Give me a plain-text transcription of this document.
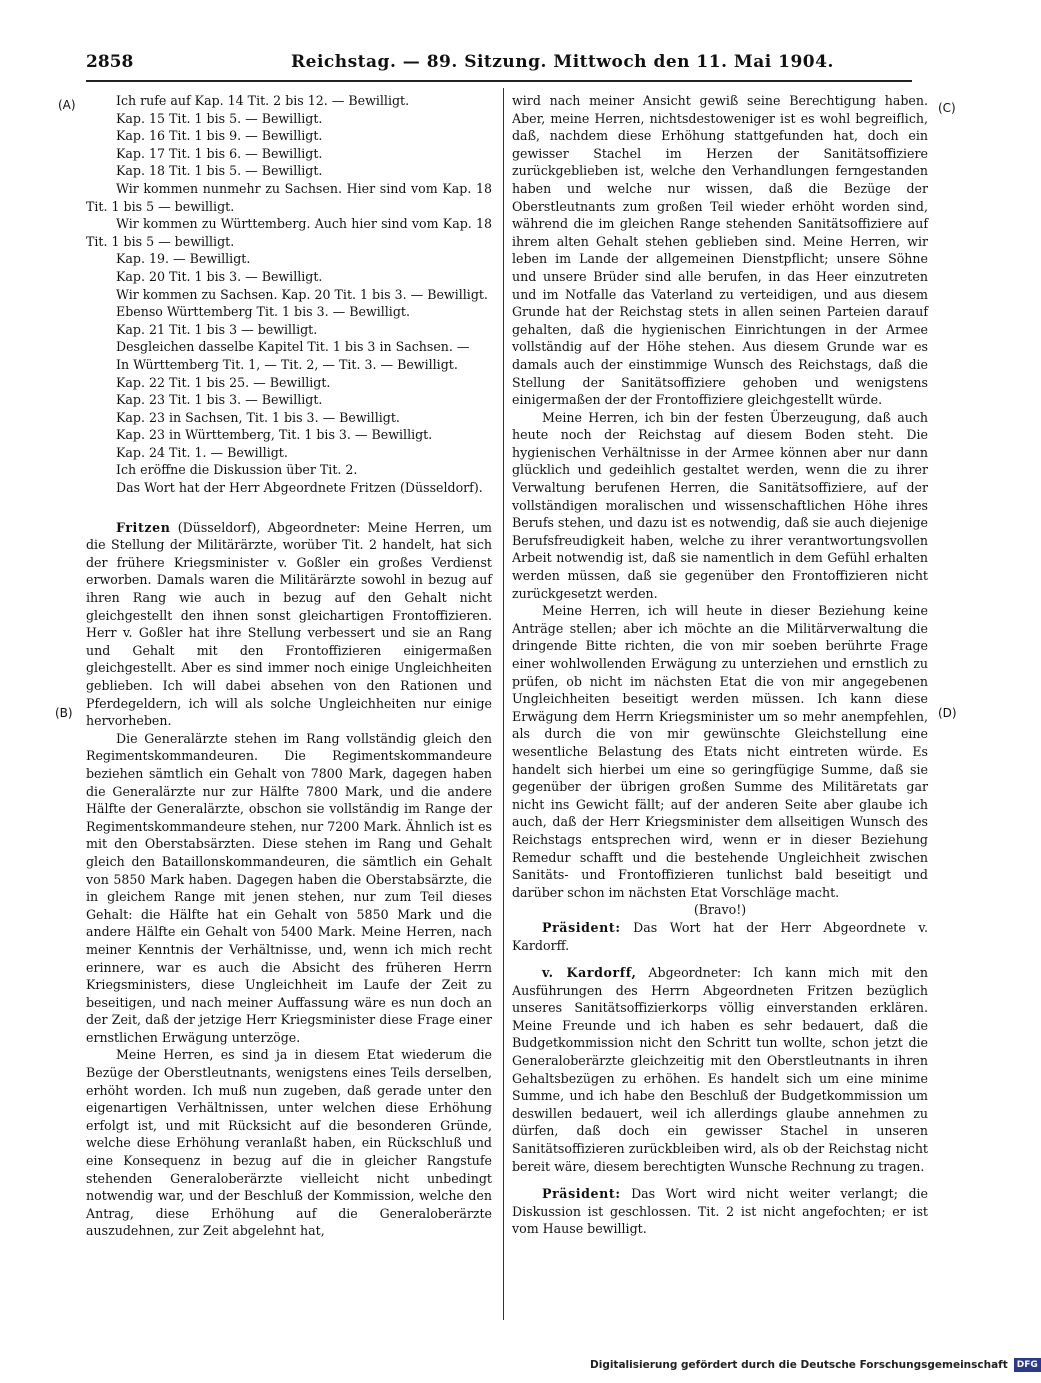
2858	Reichstag. — 89. Sitzung. Mittwoch den 11. Mai 1904.
(A)
(B)
(C)
(D)

Ich rufe auf Kap. 14 Tit. 2 bis 12. — Bewilligt.

Kap. 15 Tit. 1 bis 5. — Bewilligt.

Kap. 16 Tit. 1 bis 9. — Bewilligt.

Kap. 17 Tit. 1 bis 6. — Bewilligt.

Kap. 18 Tit. 1 bis 5. — Bewilligt.

Wir kommen nunmehr zu Sachsen. Hier sind vom Kap. 18 Tit. 1 bis 5 — bewilligt.

Wir kommen zu Württemberg. Auch hier sind vom Kap. 18 Tit. 1 bis 5 — bewilligt.

Kap. 19. — Bewilligt.

Kap. 20 Tit. 1 bis 3. — Bewilligt.

Wir kommen zu Sachsen. Kap. 20 Tit. 1 bis 3. — Bewilligt.

Ebenso Württemberg Tit. 1 bis 3. — Bewilligt.

Kap. 21 Tit. 1 bis 3 — bewilligt.

Desgleichen dasselbe Kapitel Tit. 1 bis 3 in Sachsen. —

In Württemberg Tit. 1, — Tit. 2, — Tit. 3. — Bewilligt.

Kap. 22 Tit. 1 bis 25. — Bewilligt.

Kap. 23 Tit. 1 bis 3. — Bewilligt.

Kap. 23 in Sachsen, Tit. 1 bis 3. — Bewilligt.

Kap. 23 in Württemberg, Tit. 1 bis 3. — Bewilligt.

Kap. 24 Tit. 1. — Bewilligt.

Ich eröffne die Diskussion über Tit. 2.

Das Wort hat der Herr Abgeordnete Fritzen (Düsseldorf).

Fritzen (Düsseldorf), Abgeordneter: Meine Herren, um die Stellung der Militärärzte, worüber Tit. 2 handelt, hat sich der frühere Kriegsminister v. Goßler ein großes Verdienst erworben. Damals waren die Militärärzte sowohl in bezug auf ihren Rang wie auch in bezug auf den Gehalt nicht gleichgestellt den ihnen sonst gleichartigen Frontoffizieren. Herr v. Goßler hat ihre Stellung verbessert und sie an Rang und Gehalt mit den Frontoffizieren einigermaßen gleichgestellt. Aber es sind immer noch einige Ungleichheiten geblieben. Ich will dabei absehen von den Rationen und Pferdegeldern, ich will als solche Ungleichheiten nur einige hervorheben.

Die Generalärzte stehen im Rang vollständig gleich den Regimentskommandeuren. Die Regimentskommandeure beziehen sämtlich ein Gehalt von 7800 Mark, dagegen haben die Generalärzte nur zur Hälfte 7800 Mark, und die andere Hälfte der Generalärzte, obschon sie vollständig im Range der Regimentskommandeure stehen, nur 7200 Mark. Ähnlich ist es mit den Oberstabsärzten. Diese stehen im Rang und Gehalt gleich den Bataillonskommandeuren, die sämtlich ein Gehalt von 5850 Mark haben. Dagegen haben die Oberstabsärzte, die in gleichem Range mit jenen stehen, nur zum Teil dieses Gehalt: die Hälfte hat ein Gehalt von 5850 Mark und die andere Hälfte ein Gehalt von 5400 Mark. Meine Herren, nach meiner Kenntnis der Verhältnisse, und, wenn ich mich recht erinnere, war es auch die Absicht des früheren Herrn Kriegsministers, diese Ungleichheit im Laufe der Zeit zu beseitigen, und nach meiner Auffassung wäre es nun doch an der Zeit, daß der jetzige Herr Kriegsminister diese Frage einer ernstlichen Erwägung unterzöge.

Meine Herren, es sind ja in diesem Etat wiederum die Bezüge der Oberstleutnants, wenigstens eines Teils derselben, erhöht worden. Ich muß nun zugeben, daß gerade unter den eigenartigen Verhältnissen, unter welchen diese Erhöhung erfolgt ist, und mit Rücksicht auf die besonderen Gründe, welche diese Erhöhung veranlaßt haben, ein Rückschluß und eine Konsequenz in bezug auf die in gleicher Rangstufe stehenden Generaloberärzte vielleicht nicht unbedingt notwendig war, und der Beschluß der Kommission, welche den Antrag, diese Erhöhung auf die Generaloberärzte auszudehnen, zur Zeit abgelehnt hat,

wird nach meiner Ansicht gewiß seine Berechtigung haben. Aber, meine Herren, nichtsdestoweniger ist es wohl begreiflich, daß, nachdem diese Erhöhung stattgefunden hat, doch ein gewisser Stachel im Herzen der Sanitätsoffiziere zurückgeblieben ist, welche den Verhandlungen ferngestanden haben und welche nur wissen, daß die Bezüge der Oberstleutnants zum großen Teil wieder erhöht worden sind, während die im gleichen Range stehenden Sanitätsoffiziere auf ihrem alten Gehalt stehen geblieben sind. Meine Herren, wir leben im Lande der allgemeinen Dienstpflicht; unsere Söhne und unsere Brüder sind alle berufen, in das Heer einzutreten und im Notfalle das Vaterland zu verteidigen, und aus diesem Grunde hat der Reichstag stets in allen seinen Parteien darauf gehalten, daß die hygienischen Einrichtungen in der Armee vollständig auf der Höhe stehen. Aus diesem Grunde war es damals auch der einstimmige Wunsch des Reichstags, daß die Stellung der Sanitätsoffiziere gehoben und wenigstens einigermaßen der der Frontoffiziere gleichgestellt würde.

Meine Herren, ich bin der festen Überzeugung, daß auch heute noch der Reichstag auf diesem Boden steht. Die hygienischen Verhältnisse in der Armee können aber nur dann glücklich und gedeihlich gestaltet werden, wenn die zu ihrer Verwaltung berufenen Herren, die Sanitätsoffiziere, auf der vollständigen moralischen und wissenschaftlichen Höhe ihres Berufs stehen, und dazu ist es notwendig, daß sie auch diejenige Berufsfreudigkeit haben, welche zu ihrer verantwortungsvollen Arbeit notwendig ist, daß sie namentlich in dem Gefühl erhalten werden müssen, daß sie gegenüber den Frontoffizieren nicht zurückgesetzt werden.

Meine Herren, ich will heute in dieser Beziehung keine Anträge stellen; aber ich möchte an die Militärverwaltung die dringende Bitte richten, die von mir soeben berührte Frage einer wohlwollenden Erwägung zu unterziehen und ernstlich zu prüfen, ob nicht im nächsten Etat die von mir angegebenen Ungleichheiten beseitigt werden müssen. Ich kann diese Erwägung dem Herrn Kriegsminister um so mehr anempfehlen, als durch die von mir gewünschte Gleichstellung eine wesentliche Belastung des Etats nicht eintreten würde. Es handelt sich hierbei um eine so geringfügige Summe, daß sie gegenüber der übrigen großen Summe des Militäretats gar nicht ins Gewicht fällt; auf der anderen Seite aber glaube ich auch, daß der Herr Kriegsminister dem allseitigen Wunsch des Reichstags entsprechen wird, wenn er in dieser Beziehung Remedur schafft und die bestehende Ungleichheit zwischen Sanitäts- und Frontoffizieren tunlichst bald beseitigt und darüber schon im nächsten Etat Vorschläge macht.

(Bravo!)

Präsident: Das Wort hat der Herr Abgeordnete v. Kardorff.

v. Kardorff, Abgeordneter: Ich kann mich mit den Ausführungen des Herrn Abgeordneten Fritzen bezüglich unseres Sanitätsoffizierkorps völlig einverstanden erklären. Meine Freunde und ich haben es sehr bedauert, daß die Budgetkommission nicht den Schritt tun wollte, schon jetzt die Generaloberärzte gleichzeitig mit den Oberstleutnants in ihren Gehaltsbezügen zu erhöhen. Es handelt sich um eine minime Summe, und ich habe den Beschluß der Budgetkommission um deswillen bedauert, weil ich allerdings glaube annehmen zu dürfen, daß doch ein gewisser Stachel in unseren Sanitätsoffizieren zurückbleiben wird, als ob der Reichstag nicht bereit wäre, diesem berechtigten Wunsche Rechnung zu tragen.

Präsident: Das Wort wird nicht weiter verlangt; die Diskussion ist geschlossen. Tit. 2 ist nicht angefochten; er ist vom Hause bewilligt.

Digitalisierung gefördert durch die Deutsche Forschungsgemeinschaft DFG
